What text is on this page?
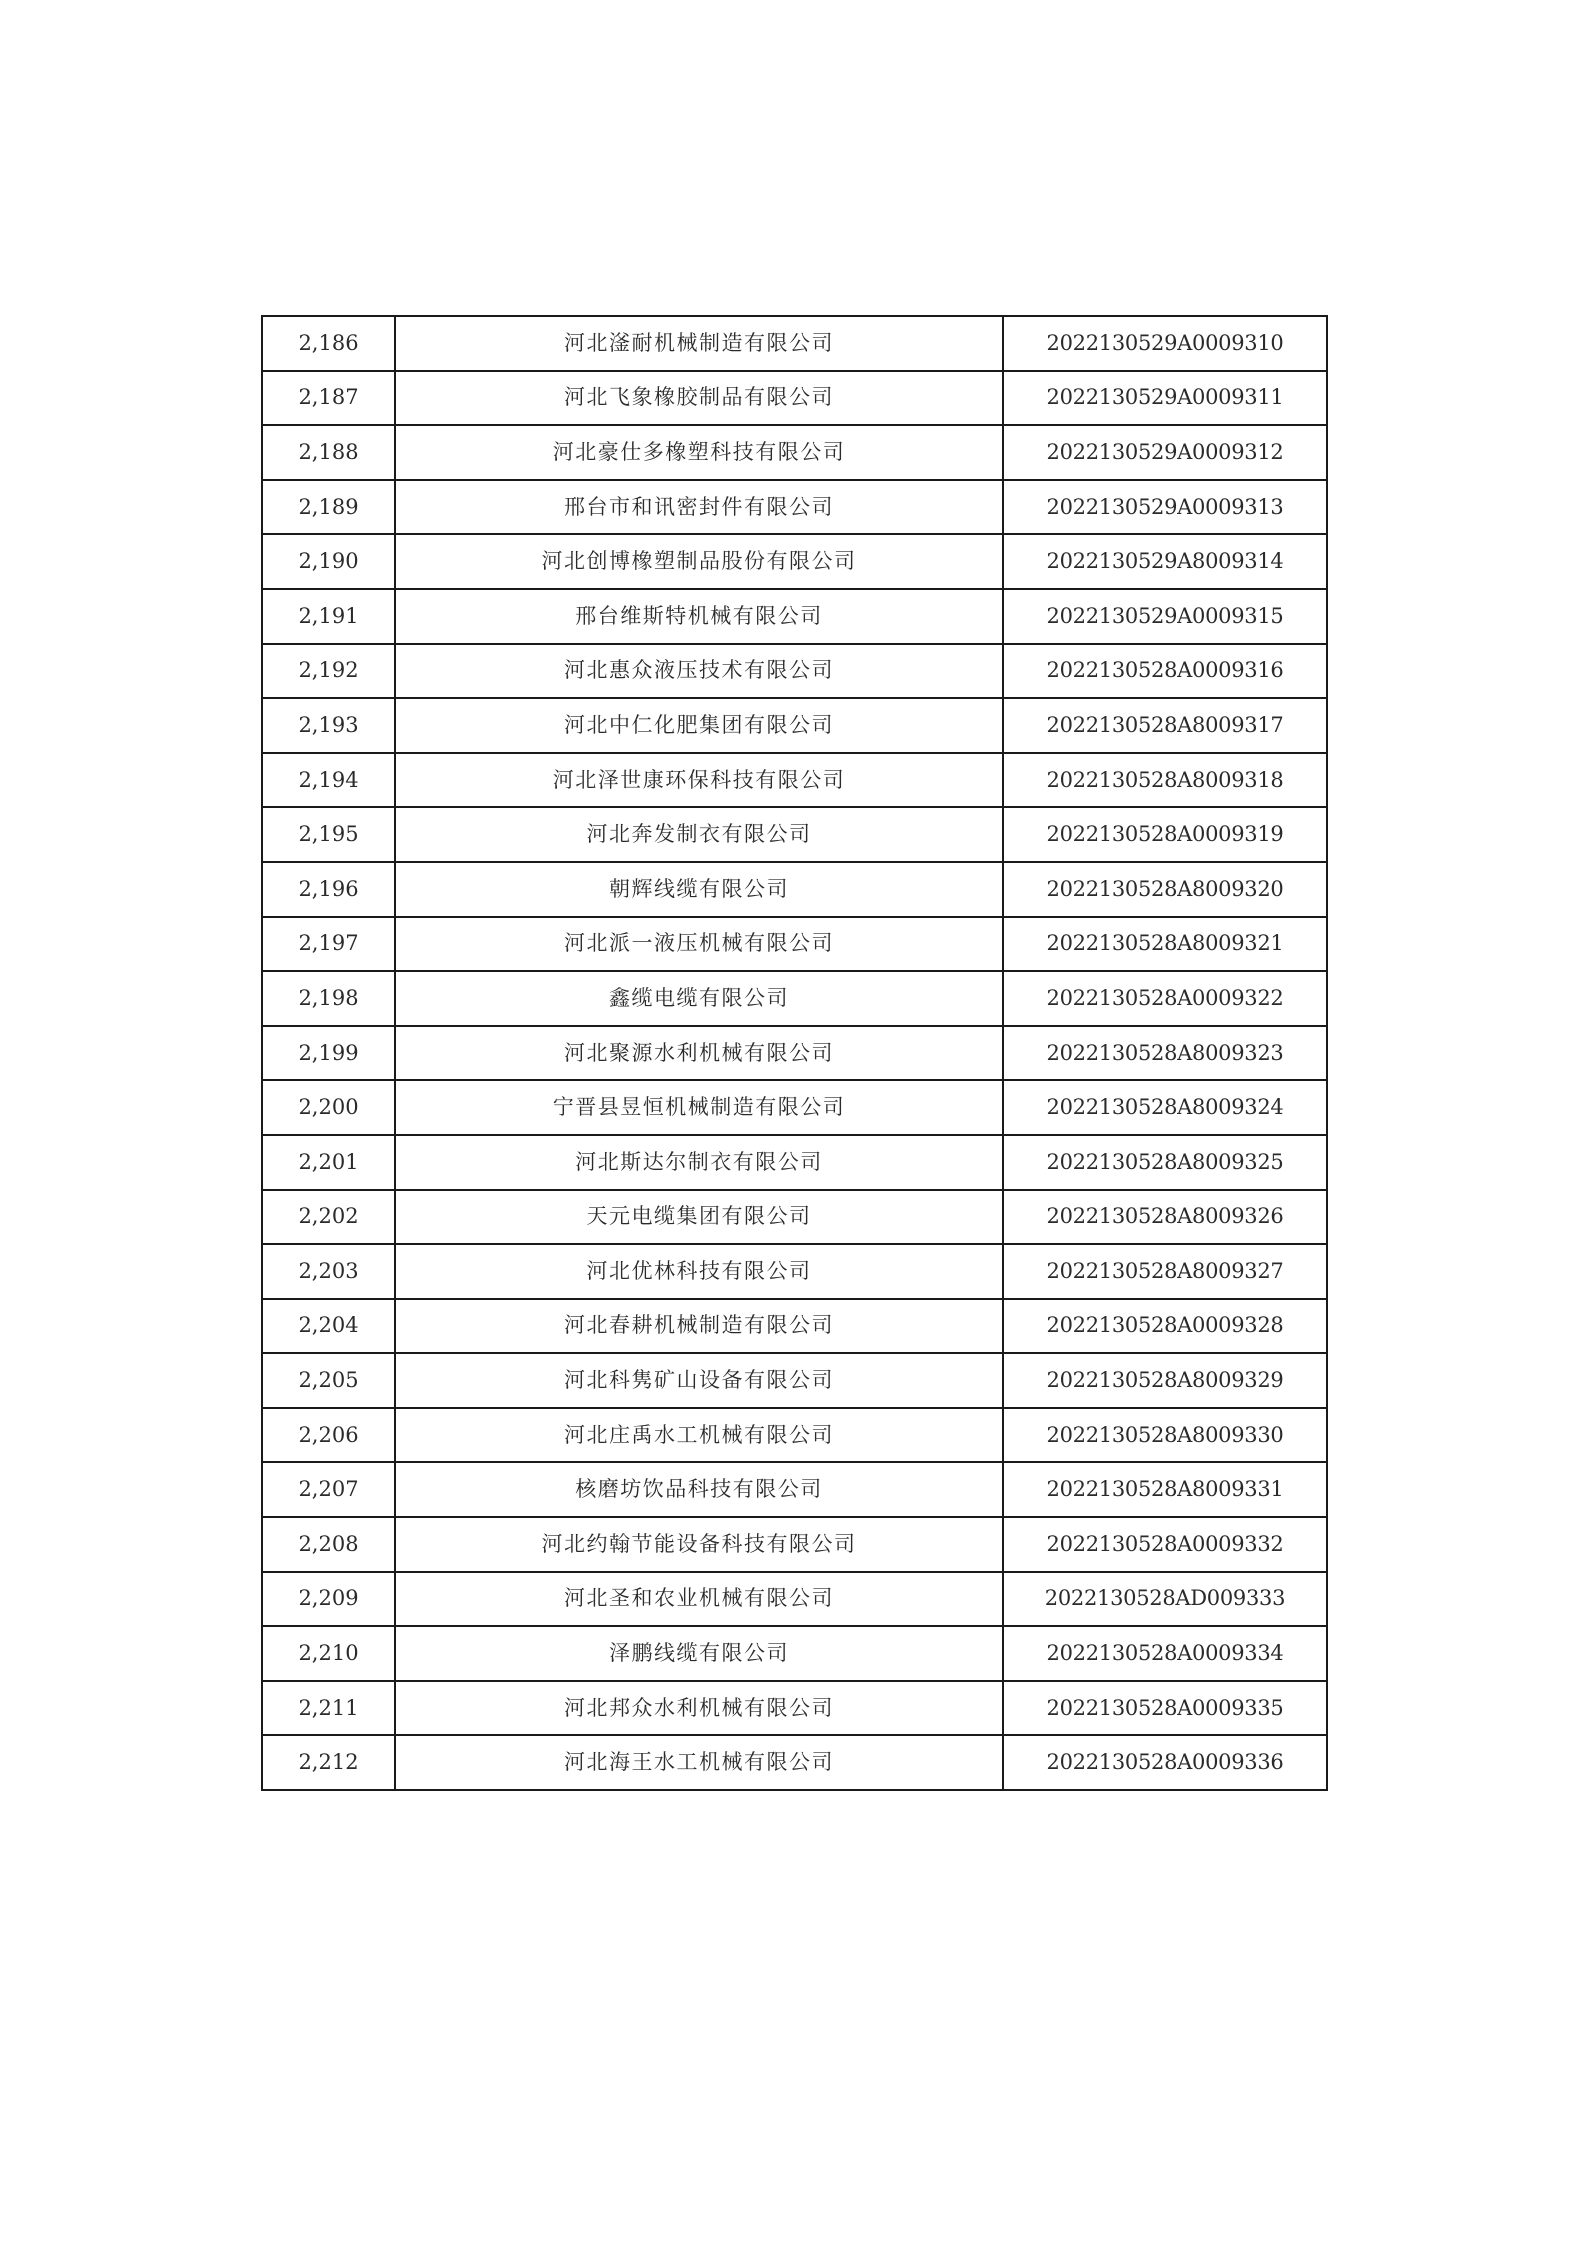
2,186	河北滏耐机械制造有限公司	2022130529A0009310
2,187	河北飞象橡胶制品有限公司	2022130529A0009311
2,188	河北豪仕多橡塑科技有限公司	2022130529A0009312
2,189	邢台市和讯密封件有限公司	2022130529A0009313
2,190	河北创博橡塑制品股份有限公司	2022130529A8009314
2,191	邢台维斯特机械有限公司	2022130529A0009315
2,192	河北惠众液压技术有限公司	2022130528A0009316
2,193	河北中仁化肥集团有限公司	2022130528A8009317
2,194	河北泽世康环保科技有限公司	2022130528A8009318
2,195	河北奔发制衣有限公司	2022130528A0009319
2,196	朝辉线缆有限公司	2022130528A8009320
2,197	河北派一液压机械有限公司	2022130528A8009321
2,198	鑫缆电缆有限公司	2022130528A0009322
2,199	河北聚源水利机械有限公司	2022130528A8009323
2,200	宁晋县昱恒机械制造有限公司	2022130528A8009324
2,201	河北斯达尔制衣有限公司	2022130528A8009325
2,202	天元电缆集团有限公司	2022130528A8009326
2,203	河北优林科技有限公司	2022130528A8009327
2,204	河北春耕机械制造有限公司	2022130528A0009328
2,205	河北科隽矿山设备有限公司	2022130528A8009329
2,206	河北庄禹水工机械有限公司	2022130528A8009330
2,207	核磨坊饮品科技有限公司	2022130528A8009331
2,208	河北约翰节能设备科技有限公司	2022130528A0009332
2,209	河北圣和农业机械有限公司	2022130528AD009333
2,210	泽鹏线缆有限公司	2022130528A0009334
2,211	河北邦众水利机械有限公司	2022130528A0009335
2,212	河北海王水工机械有限公司	2022130528A0009336
